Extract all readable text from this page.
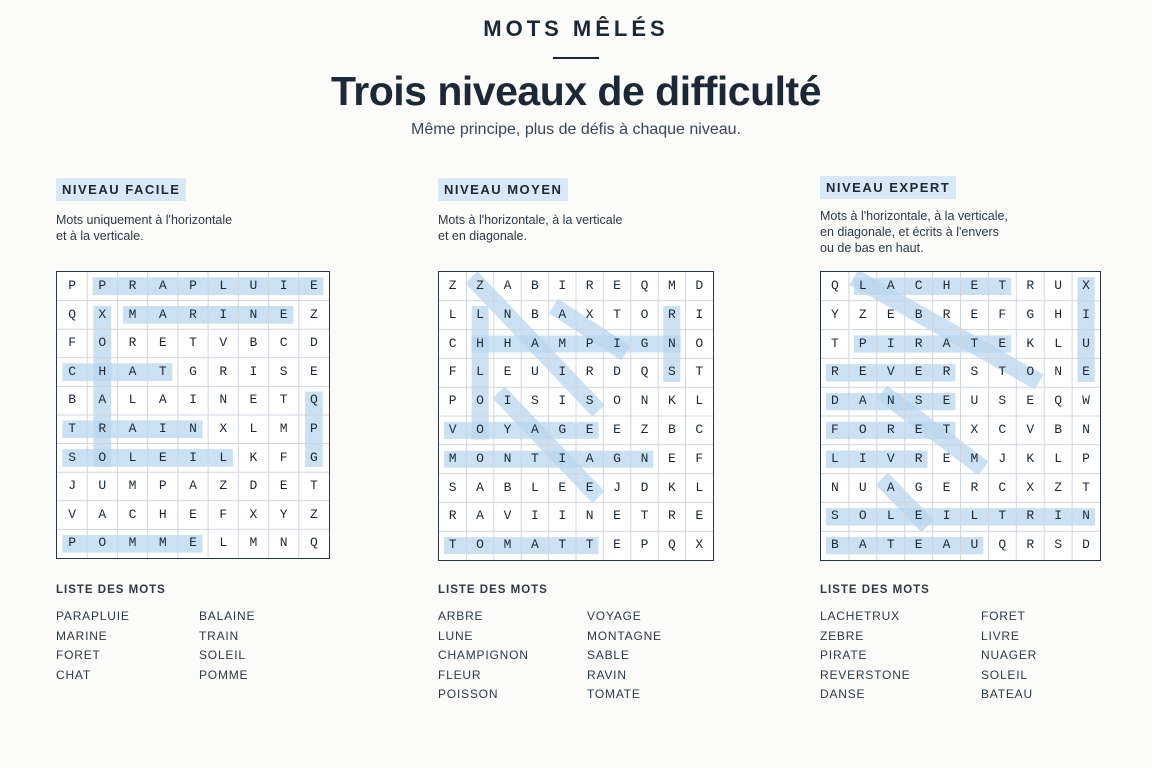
MOTS MÊLÉS
Trois niveaux de difficulté
Même principe, plus de défis à chaque niveau.
NIVEAU FACILE
Mots uniquement à l'horizontale
et à la verticale.
P	P	R	A	P	L	U	I	E
Q	X	M	A	R	I	N	E	Z
F	O	R	E	T	V	B	C	D
C	H	A	T	G	R	I	S	E
B	A	L	A	I	N	E	T	Q
T	R	A	I	N	X	L	M	P
S	O	L	E	I	L	K	F	G
J	U	M	P	A	Z	D	E	T
V	A	C	H	E	F	X	Y	Z
P	O	M	M	E	L	M	N	Q
LISTE DES MOTS
PARAPLUIE
MARINE
FORET
CHAT
BALAINE
TRAIN
SOLEIL
POMME
NIVEAU MOYEN
Mots à l'horizontale, à la verticale
et en diagonale.
Z	Z	A	B	I	R	E	Q	M	D
L	L	N	B	A	X	T	O	R	I
C	H	H	A	M	P	I	G	N	O
F	L	E	U	I	R	D	Q	S	T
P	O	I	S	I	S	O	N	K	L
V	O	Y	A	G	E	E	Z	B	C
M	O	N	T	I	A	G	N	E	F
S	A	B	L	E	E	J	D	K	L
R	A	V	I	I	N	E	T	R	E
T	O	M	A	T	T	E	P	Q	X
LISTE DES MOTS
ARBRE
LUNE
CHAMPIGNON
FLEUR
POISSON
VOYAGE
MONTAGNE
SABLE
RAVIN
TOMATE
NIVEAU EXPERT
Mots à l'horizontale, à la verticale,
en diagonale, et écrits à l'envers
ou de bas en haut.
Q	L	A	C	H	E	T	R	U	X
Y	Z	E	B	R	E	F	G	H	I
T	P	I	R	A	T	E	K	L	U
R	E	V	E	R	S	T	O	N	E
D	A	N	S	E	U	S	E	Q	W
F	O	R	E	T	X	C	V	B	N
L	I	V	R	E	M	J	K	L	P
N	U	A	G	E	R	C	X	Z	T
S	O	L	E	I	L	T	R	I	N
B	A	T	E	A	U	Q	R	S	D
LISTE DES MOTS
LACHETRUX
ZEBRE
PIRATE
REVERSTONE
DANSE
FORET
LIVRE
NUAGER
SOLEIL
BATEAU
